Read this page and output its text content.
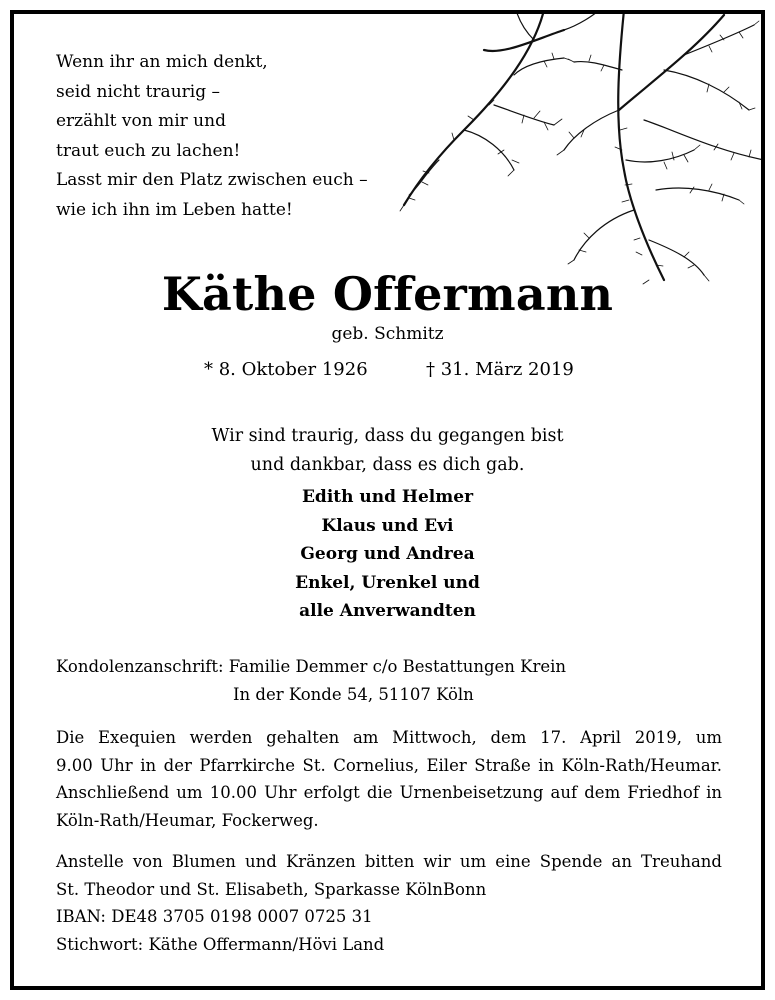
Wenn ihr an mich denkt,
seid nicht traurig –
erzählt von mir und
traut euch zu lachen!
Lasst mir den Platz zwischen euch –
wie ich ihn im Leben hatte!
Käthe Offermann
geb. Schmitz
* 8. Oktober 1926	† 31. März 2019
Wir sind traurig, dass du gegangen bist
und dankbar, dass es dich gab.
Edith und Helmer
Klaus und Evi
Georg und Andrea
Enkel, Urenkel und
alle Anverwandten
Kondolenzanschrift: Familie Demmer c/o Bestattungen Krein
In der Konde 54, 51107 Köln
Die Exequien werden gehalten am Mittwoch, dem 17. April 2019, um
9.00 Uhr in der Pfarrkirche St. Cornelius, Eiler Straße in Köln-Rath/Heumar.
Anschließend um 10.00 Uhr erfolgt die Urnenbeisetzung auf dem Friedhof in
Köln-Rath/Heumar, Fockerweg.
Anstelle von Blumen und Kränzen bitten wir um eine Spende an Treuhand
St. Theodor und St. Elisabeth, Sparkasse KölnBonn
IBAN: DE48 3705 0198 0007 0725 31
Stichwort: Käthe Offermann/Hövi Land
